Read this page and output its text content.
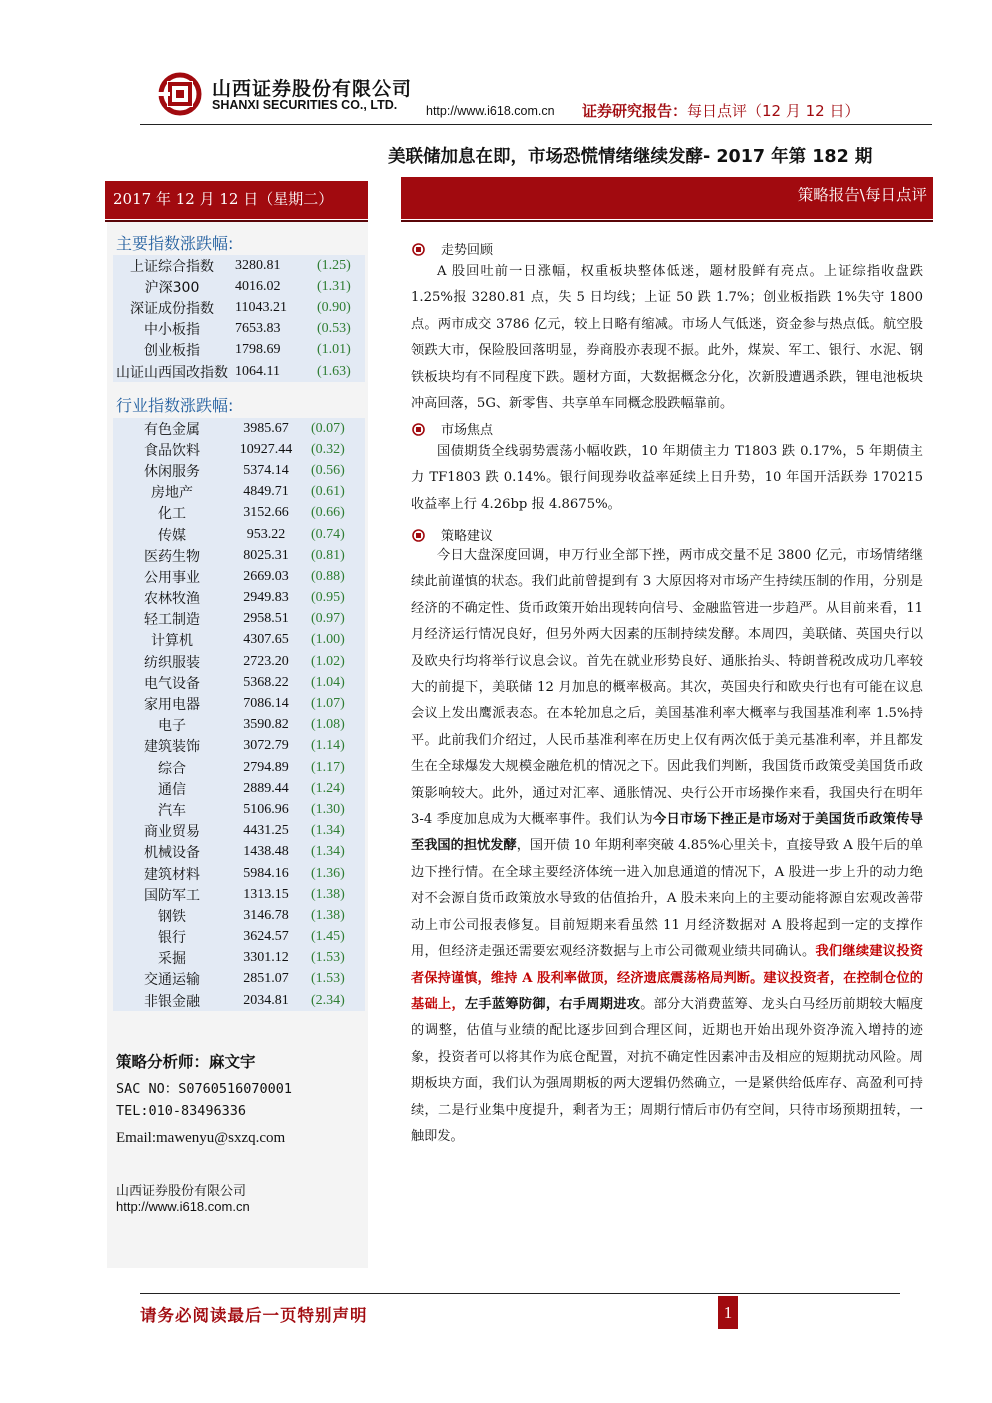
山西证券股份有限公司
SHANXI SECURITIES CO., LTD. http://www.i618.com.cn 证券研究报告：每日点评（12 月 12 日）
美联储加息在即，市场恐慌情绪继续发酵- 2017 年第 182 期
2017 年 12 月 12 日（星期二）
主要指数涨跌幅:
上证综合指数	3280.81	(1.25)
沪深300	4016.02	(1.31)
深证成份指数	11043.21	(0.90)
中小板指	7653.83	(0.53)
创业板指	1798.69	(1.01)
山证山西国改指数	1064.11	(1.63)
行业指数涨跌幅:
有色金属	3985.67	(0.07)
食品饮料	10927.44	(0.32)
休闲服务	5374.14	(0.56)
房地产	4849.71	(0.61)
化工	3152.66	(0.66)
传媒	953.22	(0.74)
医药生物	8025.31	(0.81)
公用事业	2669.03	(0.88)
农林牧渔	2949.83	(0.95)
轻工制造	2958.51	(0.97)
计算机	4307.65	(1.00)
纺织服装	2723.20	(1.02)
电气设备	5368.22	(1.04)
家用电器	7086.14	(1.07)
电子	3590.82	(1.08)
建筑装饰	3072.79	(1.14)
综合	2794.89	(1.17)
通信	2889.44	(1.24)
汽车	5106.96	(1.30)
商业贸易	4431.25	(1.34)
机械设备	1438.48	(1.34)
建筑材料	5984.16	(1.36)
国防军工	1313.15	(1.38)
钢铁	3146.78	(1.38)
银行	3624.57	(1.45)
采掘	3301.12	(1.53)
交通运输	2851.07	(1.53)
非银金融	2034.81	(2.34)
策略分析师：麻文宇
SAC NO：S0760516070001
TEL:010-83496336
Email:mawenyu@sxzq.com
山西证券股份有限公司
http://www.i618.com.cn
策略报告\每日点评
走势回顾

A 股回吐前一日涨幅，权重板块整体低迷，题材股鲜有亮点。上证综指收盘跌 1.25%报 3280.81 点，失 5 日均线；上证 50 跌 1.7%；创业板指跌 1%失守 1800 点。两市成交 3786 亿元，较上日略有缩减。市场人气低迷，资金参与热点低。航空股领跌大市，保险股回落明显，券商股亦表现不振。此外，煤炭、军工、银行、水泥、钢铁板块均有不同程度下跌。题材方面，大数据概念分化，次新股遭遇杀跌，锂电池板块冲高回落，5G、新零售、共享单车同概念股跌幅靠前。

市场焦点

国债期货全线弱势震荡小幅收跌，10 年期债主力 T1803 跌 0.17%，5 年期债主力 TF1803 跌 0.14%。银行间现券收益率延续上日升势，10 年国开活跃券 170215 收益率上行 4.26bp 报 4.8675%。

策略建议

今日大盘深度回调，申万行业全部下挫，两市成交量不足 3800 亿元，市场情绪继续此前谨慎的状态。我们此前曾提到有 3 大原因将对市场产生持续压制的作用，分别是经济的不确定性、货币政策开始出现转向信号、金融监管进一步趋严。从目前来看，11 月经济运行情况良好，但另外两大因素的压制持续发酵。本周四，美联储、英国央行以及欧央行均将举行议息会议。首先在就业形势良好、通胀抬头、特朗普税改成功几率较大的前提下，美联储 12 月加息的概率极高。其次，英国央行和欧央行也有可能在议息会议上发出鹰派表态。在本轮加息之后，美国基准利率大概率与我国基准利率 1.5%持平。此前我们介绍过，人民币基准利率在历史上仅有两次低于美元基准利率，并且都发生在全球爆发大规模金融危机的情况之下。因此我们判断，我国货币政策受美国货币政策影响较大。此外，通过对汇率、通胀情况、央行公开市场操作来看，我国央行在明年 3-4 季度加息成为大概率事件。我们认为今日市场下挫正是市场对于美国货币政策传导至我国的担忧发酵，国开债 10 年期利率突破 4.85%心里关卡，直接导致 A 股午后的单边下挫行情。在全球主要经济体统一进入加息通道的情况下，A 股进一步上升的动力绝对不会源自货币政策放水导致的估值抬升，A 股未来向上的主要动能将源自宏观改善带动上市公司报表修复。目前短期来看虽然 11 月经济数据对 A 股将起到一定的支撑作用，但经济走强还需要宏观经济数据与上市公司微观业绩共同确认。我们继续建议投资者保持谨慎，维持 A 股利率做顶，经济遗底震荡格局判断。建议投资者，在控制仓位的基础上，左手蓝筹防御，右手周期进攻。部分大消费蓝筹、龙头白马经历前期较大幅度的调整，估值与业绩的配比逐步回到合理区间，近期也开始出现外资净流入增持的迹象，投资者可以将其作为底仓配置，对抗不确定性因素冲击及相应的短期扰动风险。周期板块方面，我们认为强周期板的两大逻辑仍然确立，一是紧供给低库存、高盈利可持续，二是行业集中度提升，剩者为王；周期行情后市仍有空间，只待市场预期扭转，一触即发。

请务必阅读最后一页特别声明	1
